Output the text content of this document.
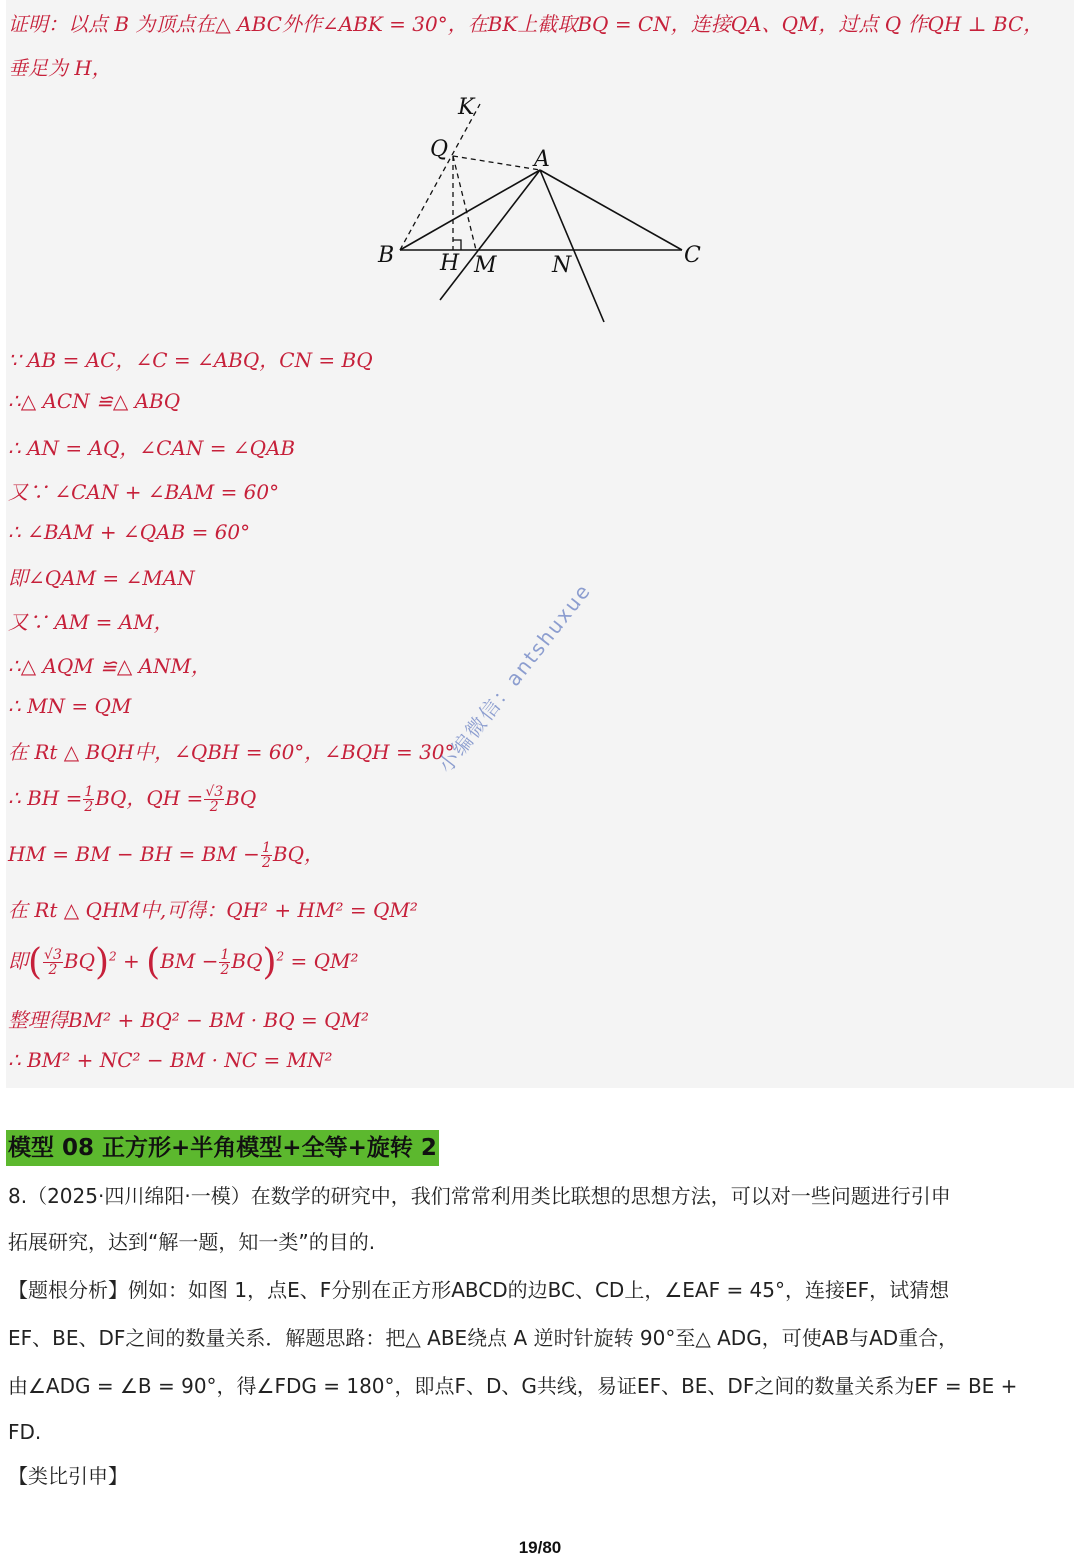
证明：以点 B 为顶点在△ ABC外作∠ABK = 30°，在BK上截取BQ = CN，连接QA、QM，过点 Q 作QH ⊥ BC，
垂足为 H，
K
Q	A
B H M	N	C
∵ AB = AC，∠C = ∠ABQ，CN = BQ
∴△ ACN ≌△ ABQ
∴ AN = AQ，∠CAN = ∠QAB
又∵ ∠CAN + ∠BAM = 60°
∴ ∠BAM + ∠QAB = 60°
即∠QAM = ∠MAN
又∵ AM = AM，
∴△ AQM ≌△ ANM，
∴ MN = QM
在 Rt △ BQH中，∠QBH = 60°，∠BQH = 30°
∴ BH = $\frac{1}{2}$ BQ，QH = $\frac{√3}{2}$ BQ
HM = BM − BH = BM − $\frac{1}{2}$ BQ，
在 Rt △ QHM中,可得：QH² + HM² = QM²
即( $\frac{√3}{2} BQ)^2 + (BM - \frac{1}{2} BQ)^2 = QM^2$
整理得BM² + BQ² − BM · BQ = QM²
∴ BM² + NC² − BM · NC = MN²
小编微信：antshuxue
模型 08 正方形+半角模型+全等+旋转 2
8.（2025·四川绵阳·一模）在数学的研究中，我们常常利用类比联想的思想方法，可以对一些问题进行引申
拓展研究，达到“解一题，知一类”的目的.
【题根分析】例如：如图 1，点E、F分别在正方形ABCD的边BC、CD上，∠EAF = 45°，连接EF，试猜想
EF、BE、DF之间的数量关系．解题思路：把△ ABE绕点 A 逆时针旋转 90°至△ ADG，可使AB与AD重合，
由∠ADG = ∠B = 90°，得∠FDG = 180°，即点F、D、G共线，易证EF、BE、DF之间的数量关系为EF = BE +
FD.
【类比引申】
19/80
